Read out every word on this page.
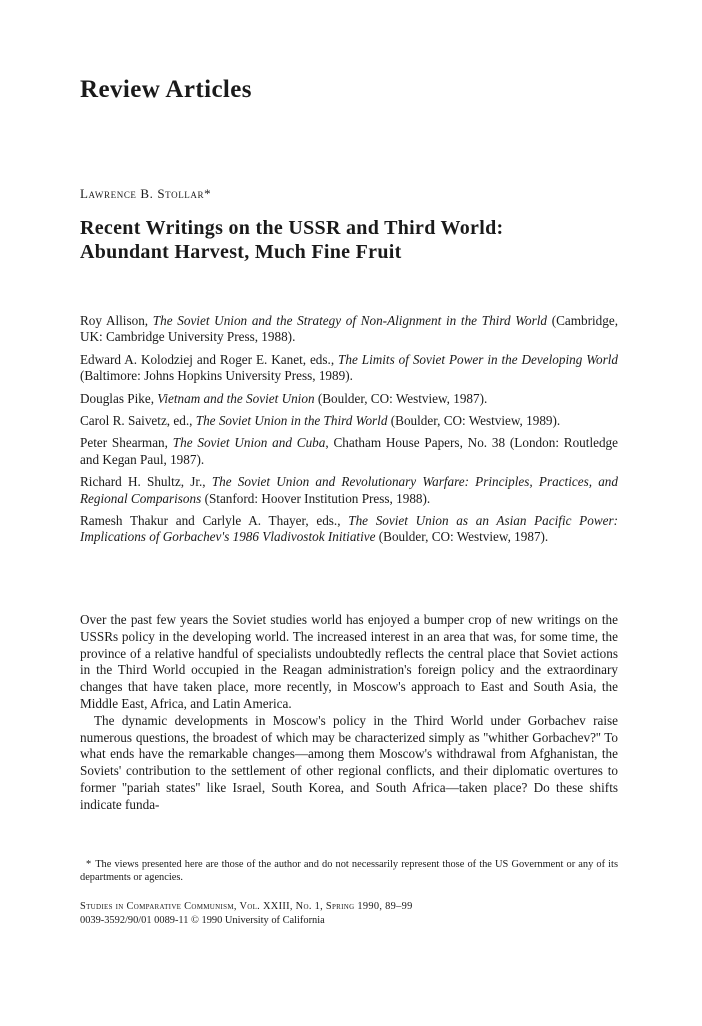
Review Articles
Lawrence B. Stollar*
Recent Writings on the USSR and Third World:
Abundant Harvest, Much Fine Fruit
Roy Allison, The Soviet Union and the Strategy of Non-Alignment in the Third World (Cambridge, UK: Cambridge University Press, 1988).
Edward A. Kolodziej and Roger E. Kanet, eds., The Limits of Soviet Power in the Developing World (Baltimore: Johns Hopkins University Press, 1989).
Douglas Pike, Vietnam and the Soviet Union (Boulder, CO: Westview, 1987).
Carol R. Saivetz, ed., The Soviet Union in the Third World (Boulder, CO: Westview, 1989).
Peter Shearman, The Soviet Union and Cuba, Chatham House Papers, No. 38 (London: Routledge and Kegan Paul, 1987).
Richard H. Shultz, Jr., The Soviet Union and Revolutionary Warfare: Principles, Practices, and Regional Comparisons (Stanford: Hoover Institution Press, 1988).
Ramesh Thakur and Carlyle A. Thayer, eds., The Soviet Union as an Asian Pacific Power: Implications of Gorbachev's 1986 Vladivostok Initiative (Boulder, CO: Westview, 1987).

Over the past few years the Soviet studies world has enjoyed a bumper crop of new writings on the USSRs policy in the developing world. The increased interest in an area that was, for some time, the province of a relative handful of specialists undoubtedly reflects the central place that Soviet actions in the Third World occupied in the Reagan administration's foreign policy and the extraordinary changes that have taken place, more recently, in Moscow's approach to East and South Asia, the Middle East, Africa, and Latin America.

The dynamic developments in Moscow's policy in the Third World under Gorbachev raise numerous questions, the broadest of which may be characterized simply as ''whither Gorbachev?'' To what ends have the remarkable changes—among them Moscow's withdrawal from Afghanistan, the Soviets' contribution to the settlement of other regional conflicts, and their diplomatic overtures to former ''pariah states'' like Israel, South Korea, and South Africa—taken place? Do these shifts indicate funda-

* The views presented here are those of the author and do not necessarily represent those of the US Government or any of its departments or agencies.
Studies in Comparative Communism, Vol. XXIII, No. 1, Spring 1990, 89–99
0039-3592/90/01 0089-11 © 1990 University of California
